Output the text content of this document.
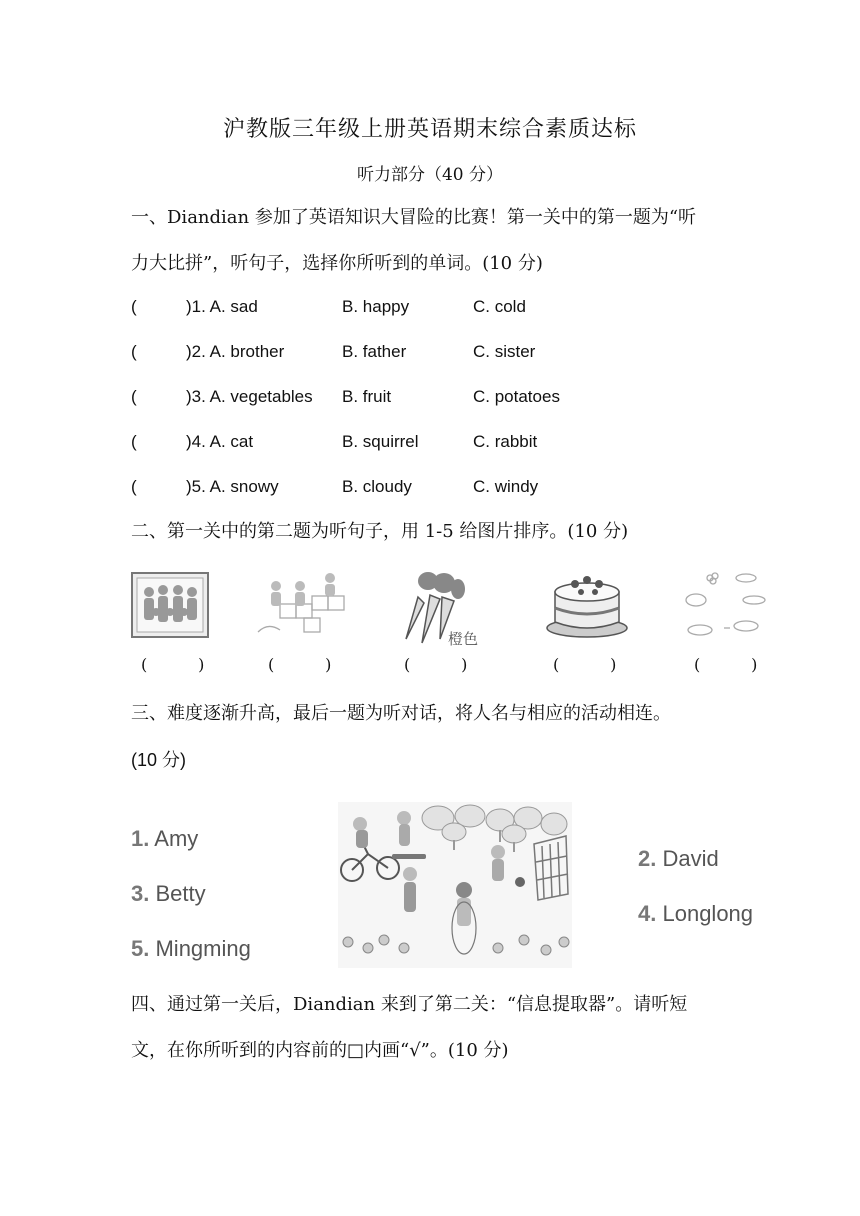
沪教版三年级上册英语期末综合素质达标
听力部分（40 分）
一、Diandian 参加了英语知识大冒险的比赛！第一关中的第一题为“听
力大比拼”，听句子，选择你所听到的单词。(10 分)
(	)1. A. sad	B. happy	C. cold
(	)2. A. brother	B. father	C. sister
(	)3. A. vegetables B. fruit	C. potatoes
(	)4. A. cat	B. squirrel	C. rabbit
(	)5. A. snowy	B. cloudy	C. windy
二、第一关中的第二题为听句子，用 1-5 给图片排序。(10 分)
橙色
(          )	(          )	(          )	(          )	(          )
三、难度逐渐升高，最后一题为听对话，将人名与相应的活动相连。
(10 分)
1. Amy
3. Betty
5. Mingming
2. David
4. Longlong
四、通过第一关后，Diandian 来到了第二关：“信息提取器”。请听短
文，在你所听到的内容前的□内画“√”。(10 分)
